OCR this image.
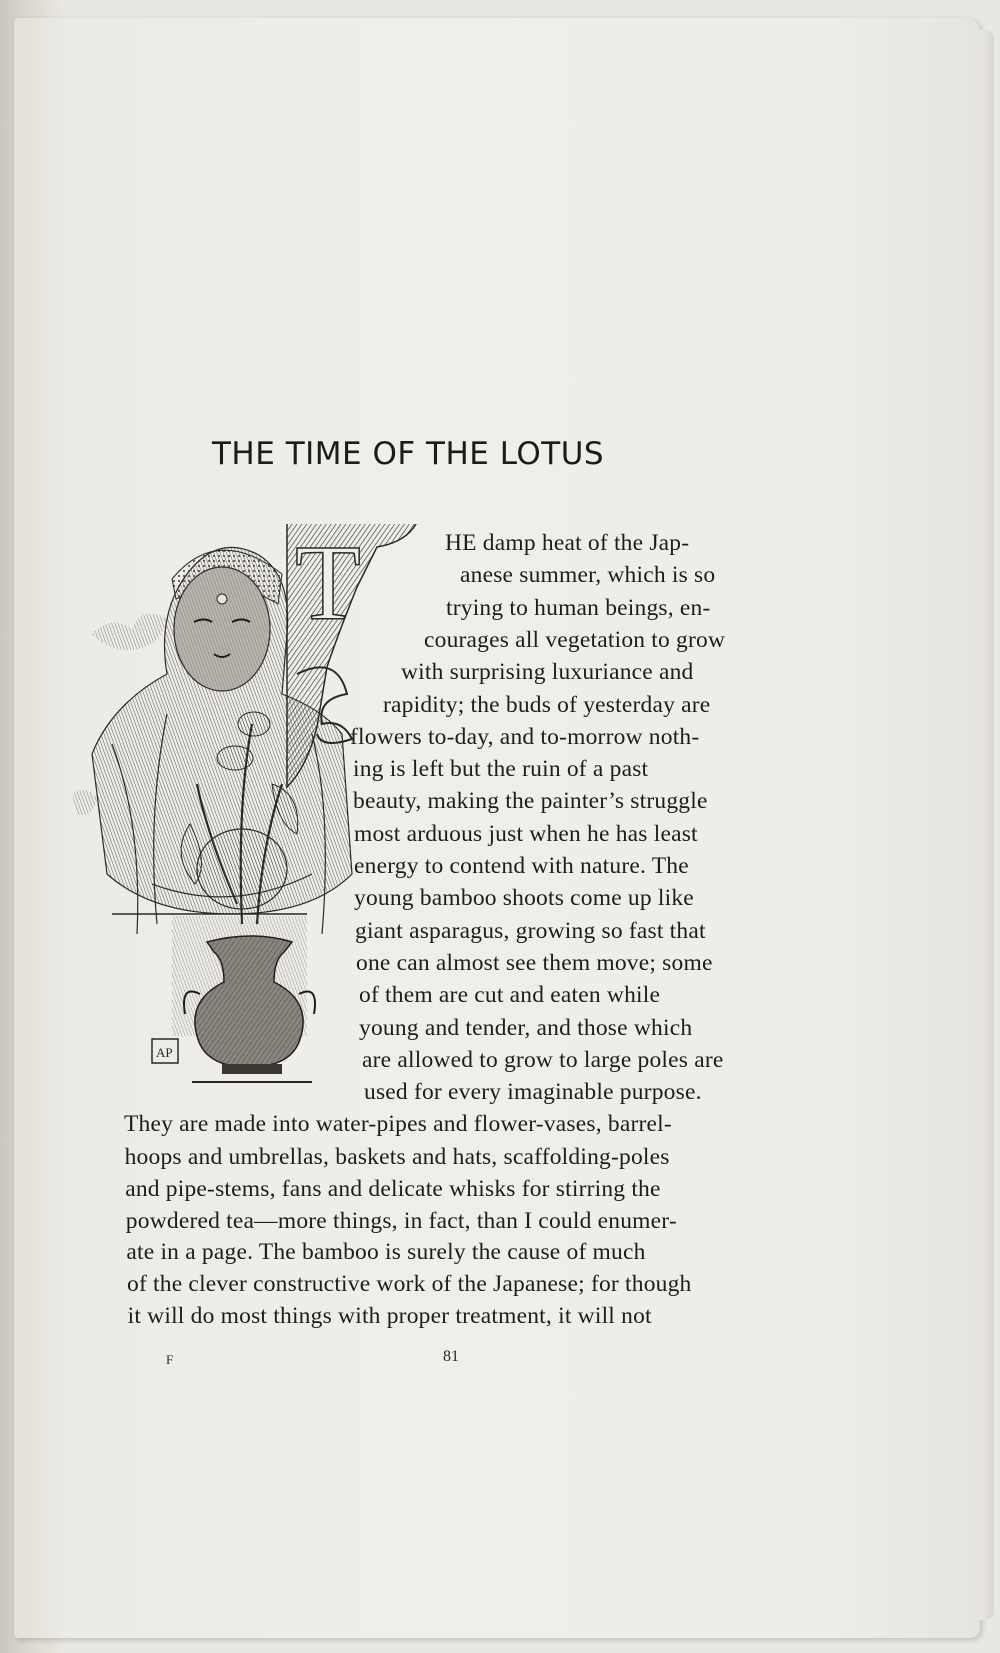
THE TIME OF THE LOTUS
T
AP
HE damp heat of the Jap-
anese summer, which is so
trying to human beings, en-
courages all vegetation to grow
with surprising luxuriance and
rapidity; the buds of yesterday are
flowers to-day, and to-morrow noth-
ing is left but the ruin of a past
beauty, making the painter’s struggle
most arduous just when he has least
energy to contend with nature. The
young bamboo shoots come up like
giant asparagus, growing so fast that
one can almost see them move; some
of them are cut and eaten while
young and tender, and those which
are allowed to grow to large poles are
used for every imaginable purpose.
They are made into water-pipes and flower-vases, barrel-
hoops and umbrellas, baskets and hats, scaffolding-poles
and pipe-stems, fans and delicate whisks for stirring the
powdered tea—more things, in fact, than I could enumer-
ate in a page. The bamboo is surely the cause of much
of the clever constructive work of the Japanese; for though
it will do most things with proper treatment, it will not
F	81
